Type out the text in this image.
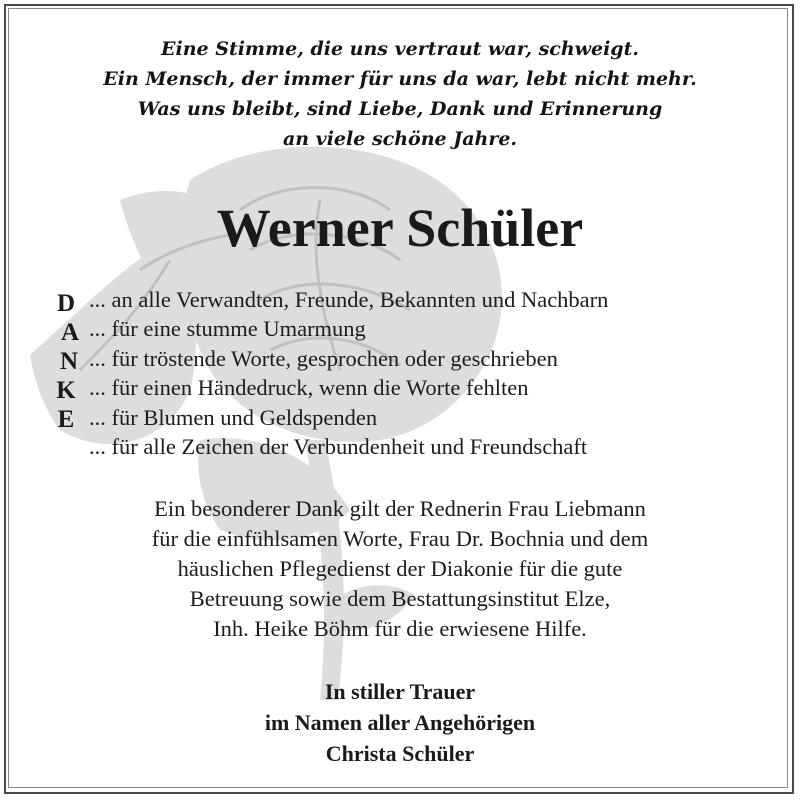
Eine Stimme, die uns vertraut war, schweigt.
Ein Mensch, der immer für uns da war, lebt nicht mehr.
Was uns bleibt, sind Liebe, Dank und Erinnerung
an viele schöne Jahre.
Werner Schüler
D
A
N
K
E
... an alle Verwandten, Freunde, Bekannten und Nachbarn
... für eine stumme Umarmung
... für tröstende Worte, gesprochen oder geschrieben
... für einen Händedruck, wenn die Worte fehlten
... für Blumen und Geldspenden
... für alle Zeichen der Verbundenheit und Freundschaft
Ein besonderer Dank gilt der Rednerin Frau Liebmann
für die einfühlsamen Worte, Frau Dr. Bochnia und dem
häuslichen Pflegedienst der Diakonie für die gute
Betreuung sowie dem Bestattungsinstitut Elze,
Inh. Heike Böhm für die erwiesene Hilfe.
In stiller Trauer
im Namen aller Angehörigen
Christa Schüler
